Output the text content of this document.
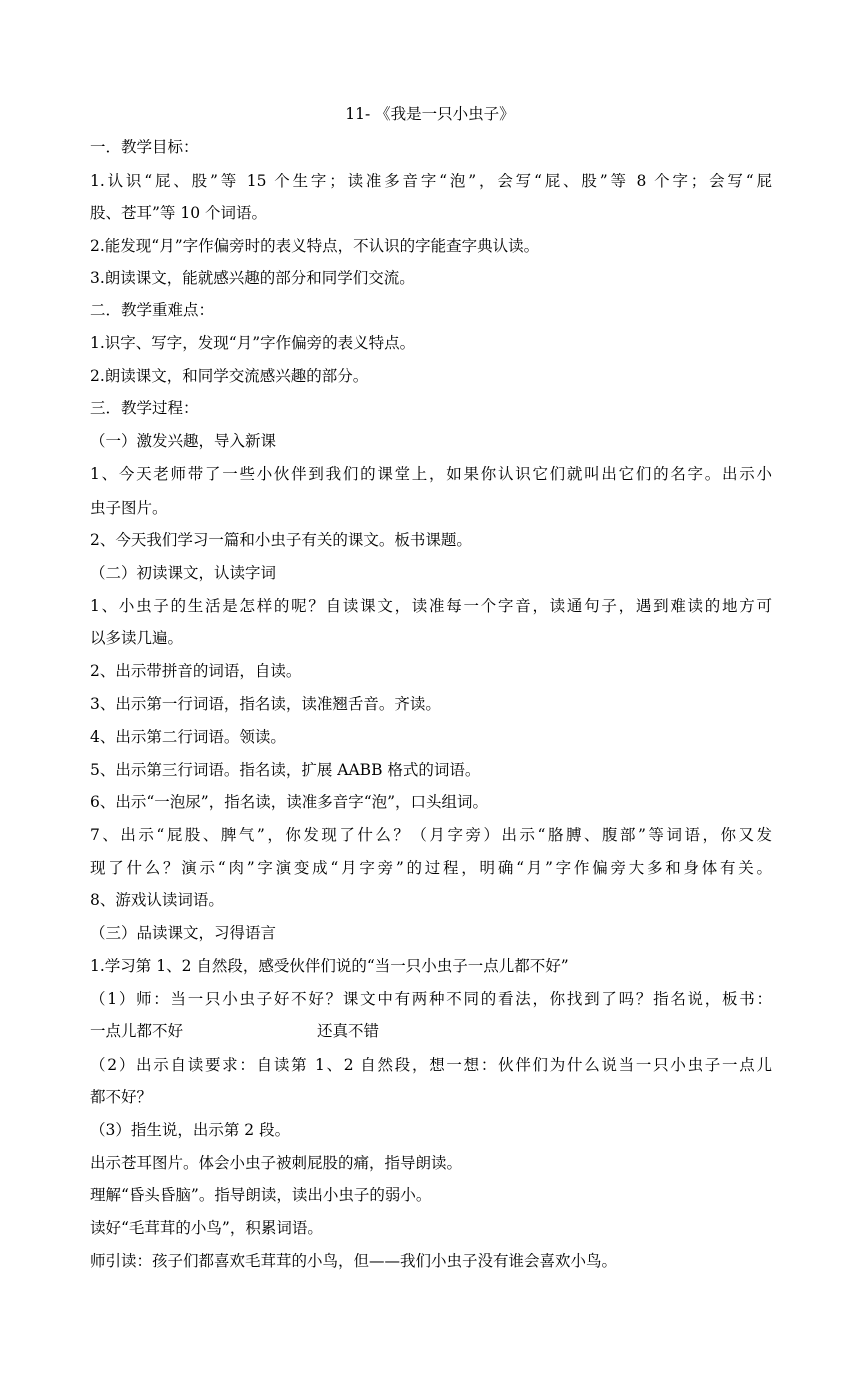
11- 《我是一只小虫子》
一．教学目标：
1.认识“屁、股”等 15 个生字；读准多音字“泡”，会写“屁、股”等 8 个字；会写“屁
股、苍耳”等 10 个词语。
2.能发现“月”字作偏旁时的表义特点，不认识的字能查字典认读。
3.朗读课文，能就感兴趣的部分和同学们交流。
二．教学重难点：
1.识字、写字，发现“月”字作偏旁的表义特点。
2.朗读课文，和同学交流感兴趣的部分。
三．教学过程：
（一）激发兴趣，导入新课
1、今天老师带了一些小伙伴到我们的课堂上，如果你认识它们就叫出它们的名字。出示小
虫子图片。
2、今天我们学习一篇和小虫子有关的课文。板书课题。
（二）初读课文，认读字词
1、小虫子的生活是怎样的呢？自读课文，读准每一个字音，读通句子，遇到难读的地方可
以多读几遍。
2、出示带拼音的词语，自读。
3、出示第一行词语，指名读，读准翘舌音。齐读。
4、出示第二行词语。领读。
5、出示第三行词语。指名读，扩展 AABB 格式的词语。
6、出示“一泡尿”，指名读，读准多音字“泡”，口头组词。
7、出示“屁股、脾气”，你发现了什么？（月字旁）出示“胳膊、腹部”等词语，你又发
现了什么？演示“肉”字演变成“月字旁”的过程，明确“月”字作偏旁大多和身体有关。
8、游戏认读词语。
（三）品读课文，习得语言
1.学习第 1、2 自然段，感受伙伴们说的“当一只小虫子一点儿都不好”
（1）师：当一只小虫子好不好？课文中有两种不同的看法，你找到了吗？指名说，板书：
一点儿都不好	还真不错
（2）出示自读要求：自读第 1、2 自然段，想一想：伙伴们为什么说当一只小虫子一点儿
都不好？
（3）指生说，出示第 2 段。
出示苍耳图片。体会小虫子被刺屁股的痛，指导朗读。
理解“昏头昏脑”。指导朗读，读出小虫子的弱小。
读好“毛茸茸的小鸟”，积累词语。
师引读：孩子们都喜欢毛茸茸的小鸟，但——我们小虫子没有谁会喜欢小鸟。
